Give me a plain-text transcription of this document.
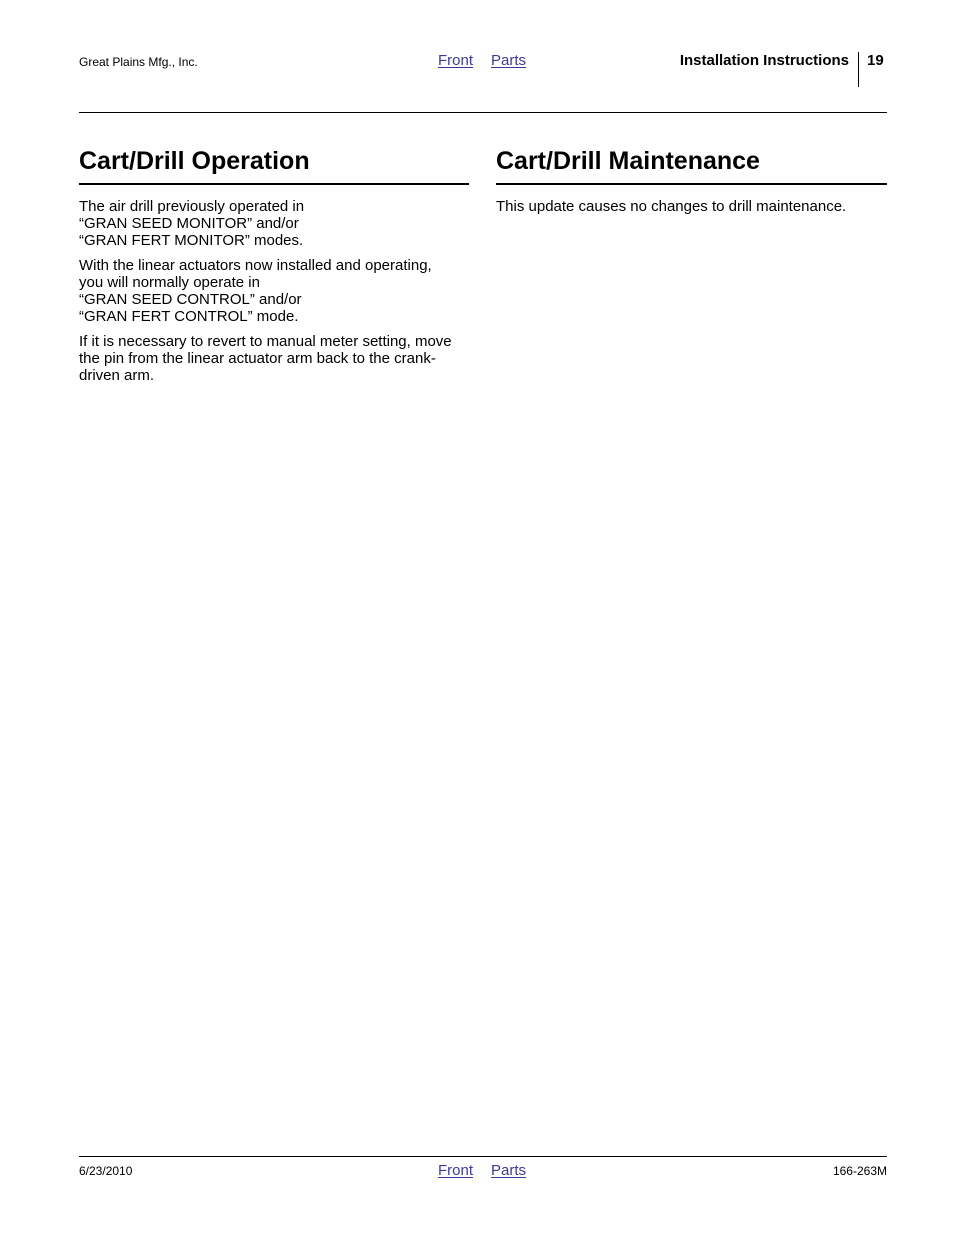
Great Plains Mfg., Inc.	Front Parts	Installation Instructions 19
Cart/Drill Operation

The air drill previously operated in
“GRAN SEED MONITOR” and/or
“GRAN FERT MONITOR” modes.

With the linear actuators now installed and operating,
you will normally operate in
“GRAN SEED CONTROL” and/or
“GRAN FERT CONTROL” mode.

If it is necessary to revert to manual meter setting, move
the pin from the linear actuator arm back to the crank-
driven arm.

Cart/Drill Maintenance

This update causes no changes to drill maintenance.

6/23/2010	Front Parts	166-263M
